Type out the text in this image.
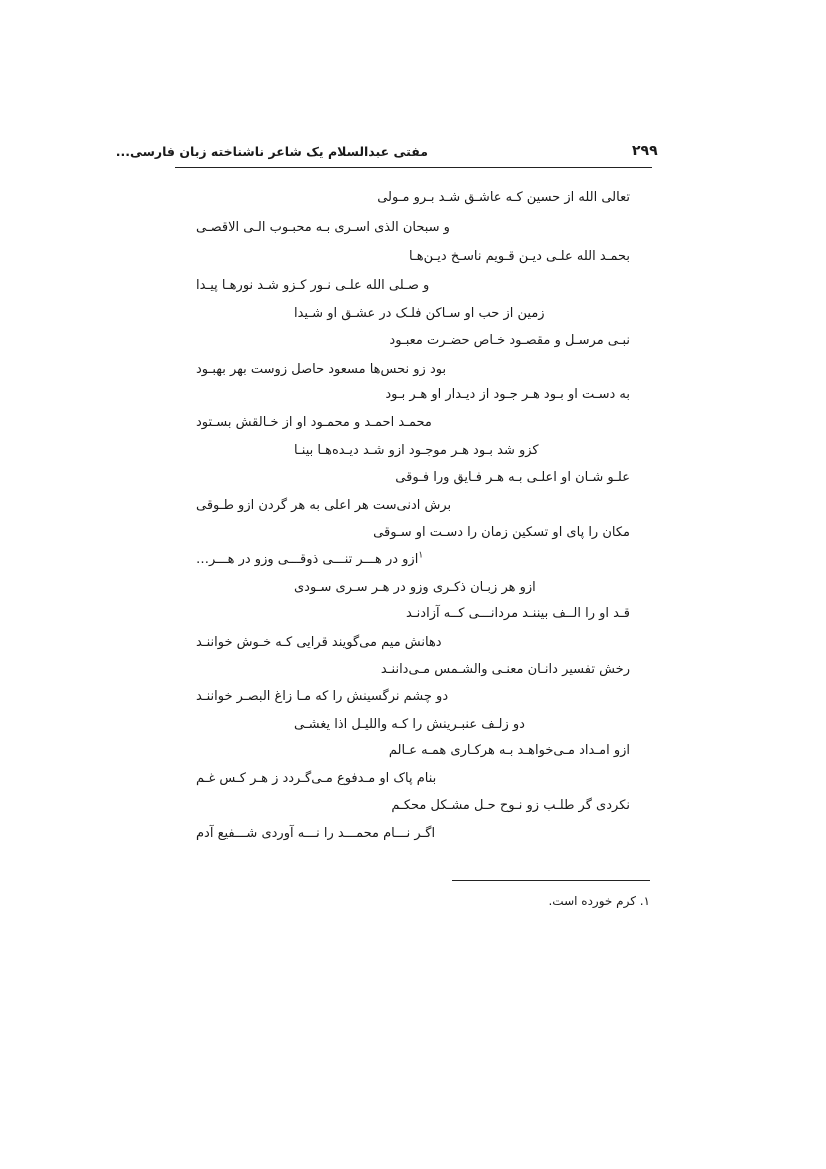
۲۹۹
مفتی عبدالسلام یک شاعر ناشناخته زبان فارسی...
تعالی الله از حسین کـه عاشـق شـد بـرو مـولی
و سبحان الذی اسـری بـه محبـوب الـی الاقصـی
بحمـد الله علـی دیـن قـویم ناسـخ دیـن‌هـا
و صـلی الله علـی نـور کـزو شـد نورهـا پیـدا
زمین از حب او سـاکن فلـک در عشـق او شـیدا
نبـی مرسـل و مقصـود خـاص حضـرت معبـود
بود زو نحس‌ها مسعود حاصل زوست بهر بهبـود
به دسـت او بـود هـر جـود از دیـدار او هـر بـود
محمـد احمـد و محمـود او از خـالقش بسـتود
کزو شد بـود هـر موجـود ازو شـد دیـده‌هـا بینـا
علـو شـان او اعلـی بـه هـر فـایق ورا فـوقی
برش ادنی‌ست هر اعلی به هر گردن ازو طـوقی
مکان را پای او تسکین زمان را دسـت او سـوقی
$^۱$ازو در هـــر تنـــی ذوقـــی وزو در هـــر…
ازو هر زبـان ذکـری وزو در هـر سـری سـودی
قـد او را الــف بیننـد مردانـــی کــه آزادنـد
دهانش میم می‌گویند قرایی کـه خـوش خواننـد
رخش تفسیر دانـان معنـی والشـمس مـی‌داننـد
دو چشم نرگسینش را که مـا زاغ البصـر خواننـد
دو زلـف عنبـرینش را کـه واللیـل اذا یغشـی
ازو امـداد مـی‌خواهـد بـه هرکـاری همـه عـالم
بنام پاک او مـدفوع مـی‌گـردد ز هـر کـس غـم
نکردی گر طلـب زو نـوح حـل مشـکل محکـم
اگـر نـــام محمـــد را نـــه آوردی شـــفیع آدم
۱. کرم خورده است.
